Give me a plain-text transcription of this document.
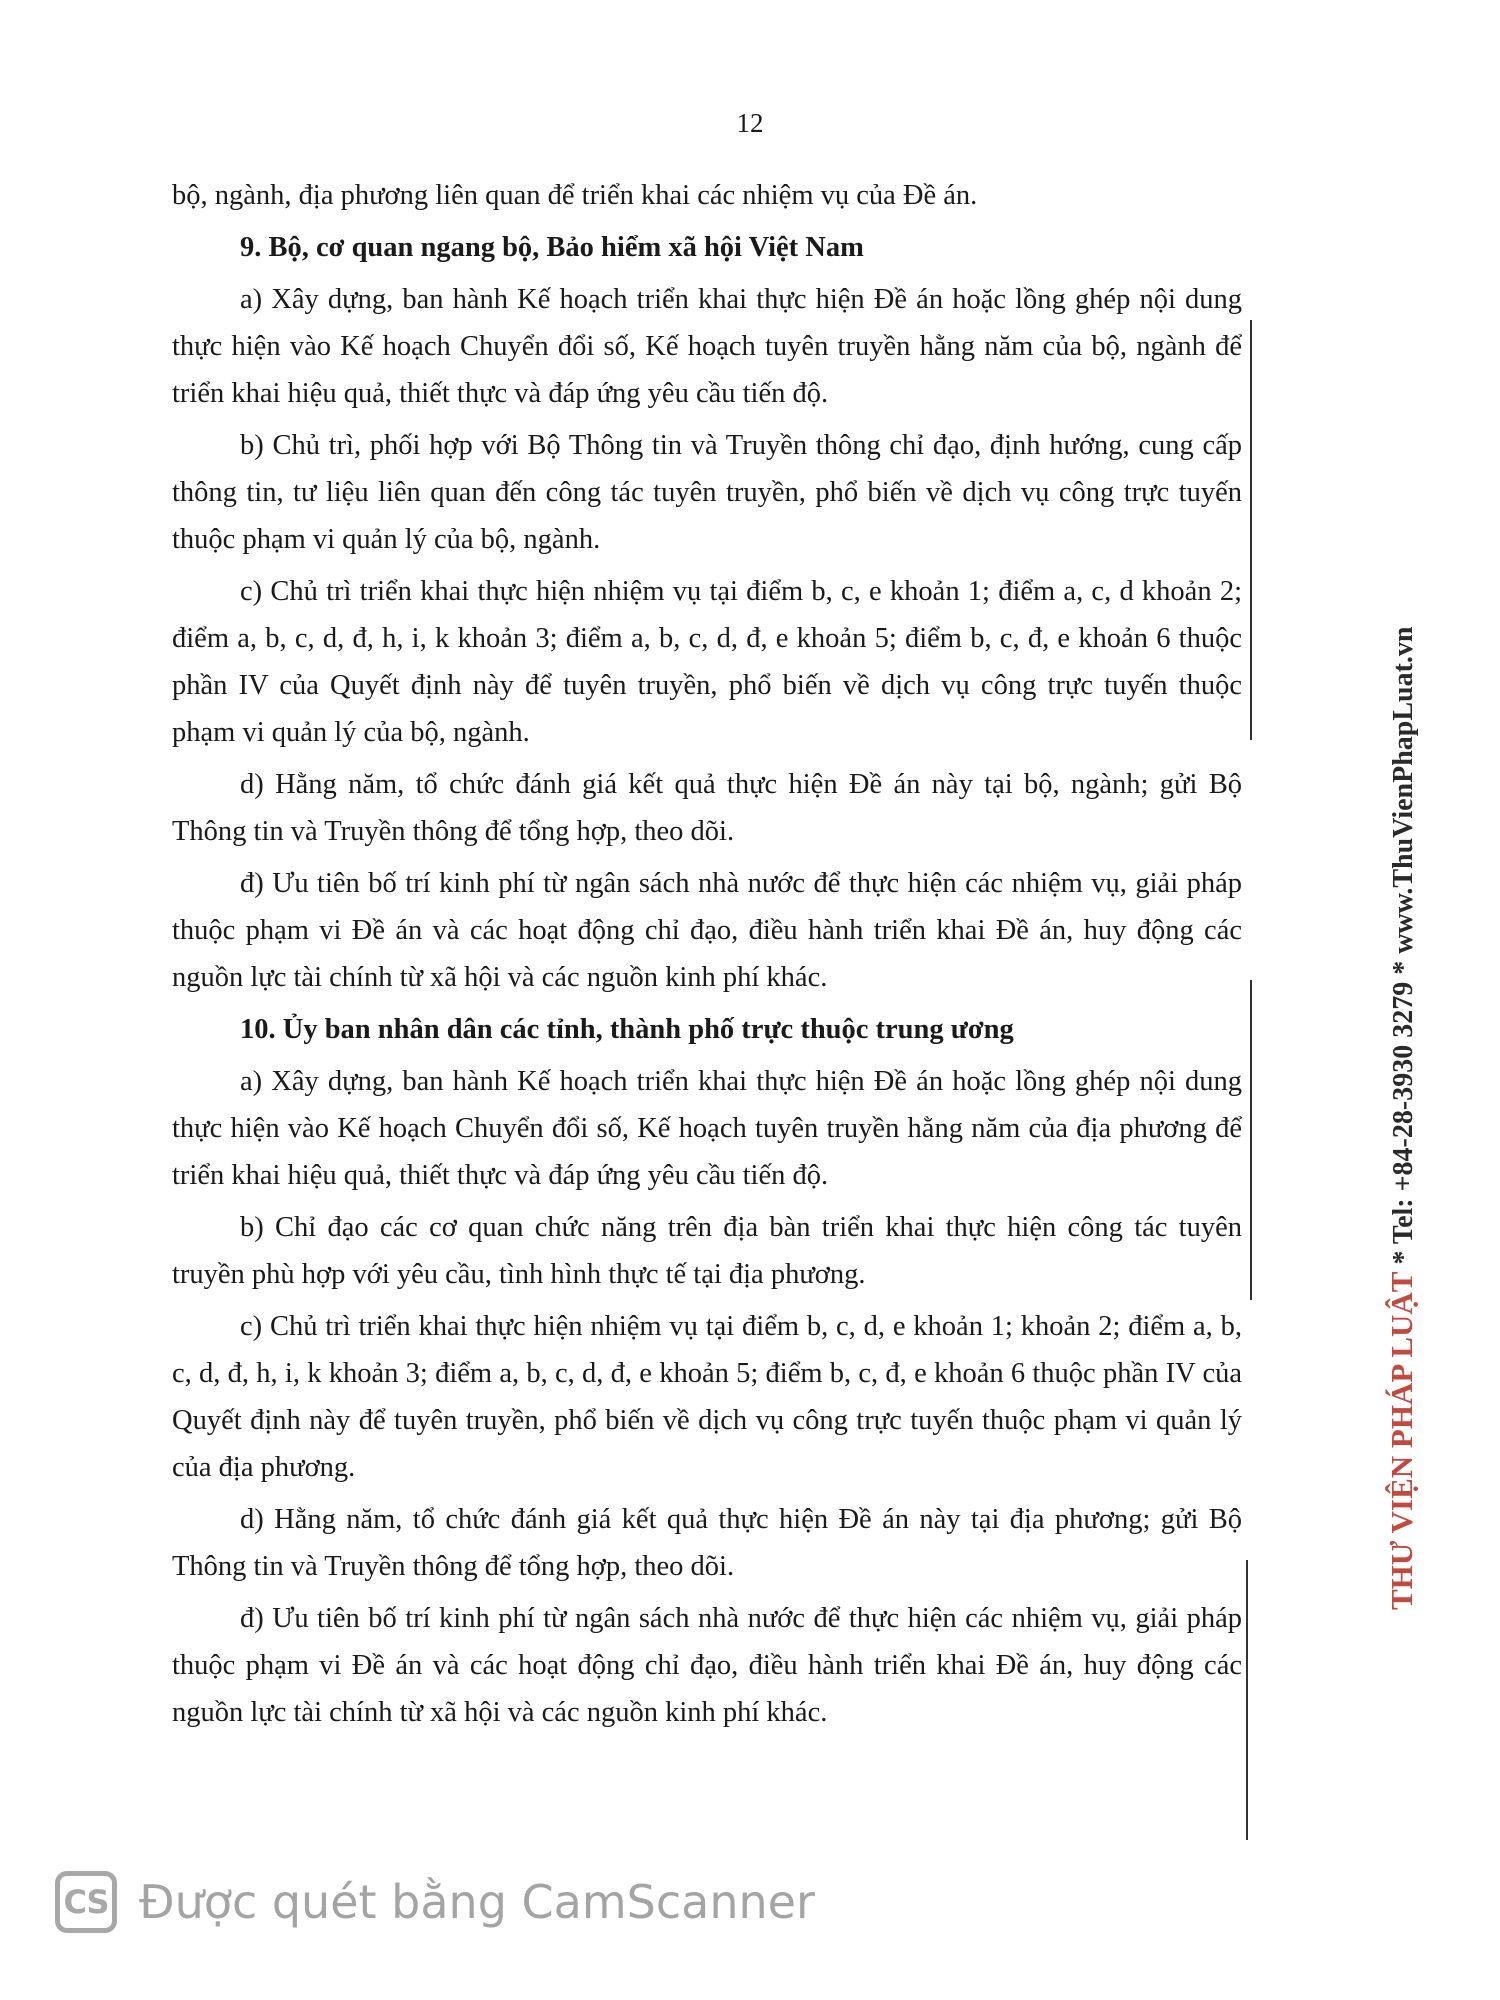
12

bộ, ngành, địa phương liên quan để triển khai các nhiệm vụ của Đề án.

9. Bộ, cơ quan ngang bộ, Bảo hiểm xã hội Việt Nam

a) Xây dựng, ban hành Kế hoạch triển khai thực hiện Đề án hoặc lồng ghép nội dung thực hiện vào Kế hoạch Chuyển đổi số, Kế hoạch tuyên truyền hằng năm của bộ, ngành để triển khai hiệu quả, thiết thực và đáp ứng yêu cầu tiến độ.

b) Chủ trì, phối hợp với Bộ Thông tin và Truyền thông chỉ đạo, định hướng, cung cấp thông tin, tư liệu liên quan đến công tác tuyên truyền, phổ biến về dịch vụ công trực tuyến thuộc phạm vi quản lý của bộ, ngành.

c) Chủ trì triển khai thực hiện nhiệm vụ tại điểm b, c, e khoản 1; điểm a, c, d khoản 2; điểm a, b, c, d, đ, h, i, k khoản 3; điểm a, b, c, d, đ, e khoản 5; điểm b, c, đ, e khoản 6 thuộc phần IV của Quyết định này để tuyên truyền, phổ biến về dịch vụ công trực tuyến thuộc phạm vi quản lý của bộ, ngành.

d) Hằng năm, tổ chức đánh giá kết quả thực hiện Đề án này tại bộ, ngành; gửi Bộ Thông tin và Truyền thông để tổng hợp, theo dõi.

đ) Ưu tiên bố trí kinh phí từ ngân sách nhà nước để thực hiện các nhiệm vụ, giải pháp thuộc phạm vi Đề án và các hoạt động chỉ đạo, điều hành triển khai Đề án, huy động các nguồn lực tài chính từ xã hội và các nguồn kinh phí khác.

10. Ủy ban nhân dân các tỉnh, thành phố trực thuộc trung ương

a) Xây dựng, ban hành Kế hoạch triển khai thực hiện Đề án hoặc lồng ghép nội dung thực hiện vào Kế hoạch Chuyển đổi số, Kế hoạch tuyên truyền hằng năm của địa phương để triển khai hiệu quả, thiết thực và đáp ứng yêu cầu tiến độ.

b) Chỉ đạo các cơ quan chức năng trên địa bàn triển khai thực hiện công tác tuyên truyền phù hợp với yêu cầu, tình hình thực tế tại địa phương.

c) Chủ trì triển khai thực hiện nhiệm vụ tại điểm b, c, d, e khoản 1; khoản 2; điểm a, b, c, d, đ, h, i, k khoản 3; điểm a, b, c, d, đ, e khoản 5; điểm b, c, đ, e khoản 6 thuộc phần IV của Quyết định này để tuyên truyền, phổ biến về dịch vụ công trực tuyến thuộc phạm vi quản lý của địa phương.

d) Hằng năm, tổ chức đánh giá kết quả thực hiện Đề án này tại địa phương; gửi Bộ Thông tin và Truyền thông để tổng hợp, theo dõi.

đ) Ưu tiên bố trí kinh phí từ ngân sách nhà nước để thực hiện các nhiệm vụ, giải pháp thuộc phạm vi Đề án và các hoạt động chỉ đạo, điều hành triển khai Đề án, huy động các nguồn lực tài chính từ xã hội và các nguồn kinh phí khác.

THƯ VIỆN PHÁP LUẬT * Tel: +84-28-3930 3279 * www.ThuVienPhapLuat.vn
CS Được quét bằng CamScanner
